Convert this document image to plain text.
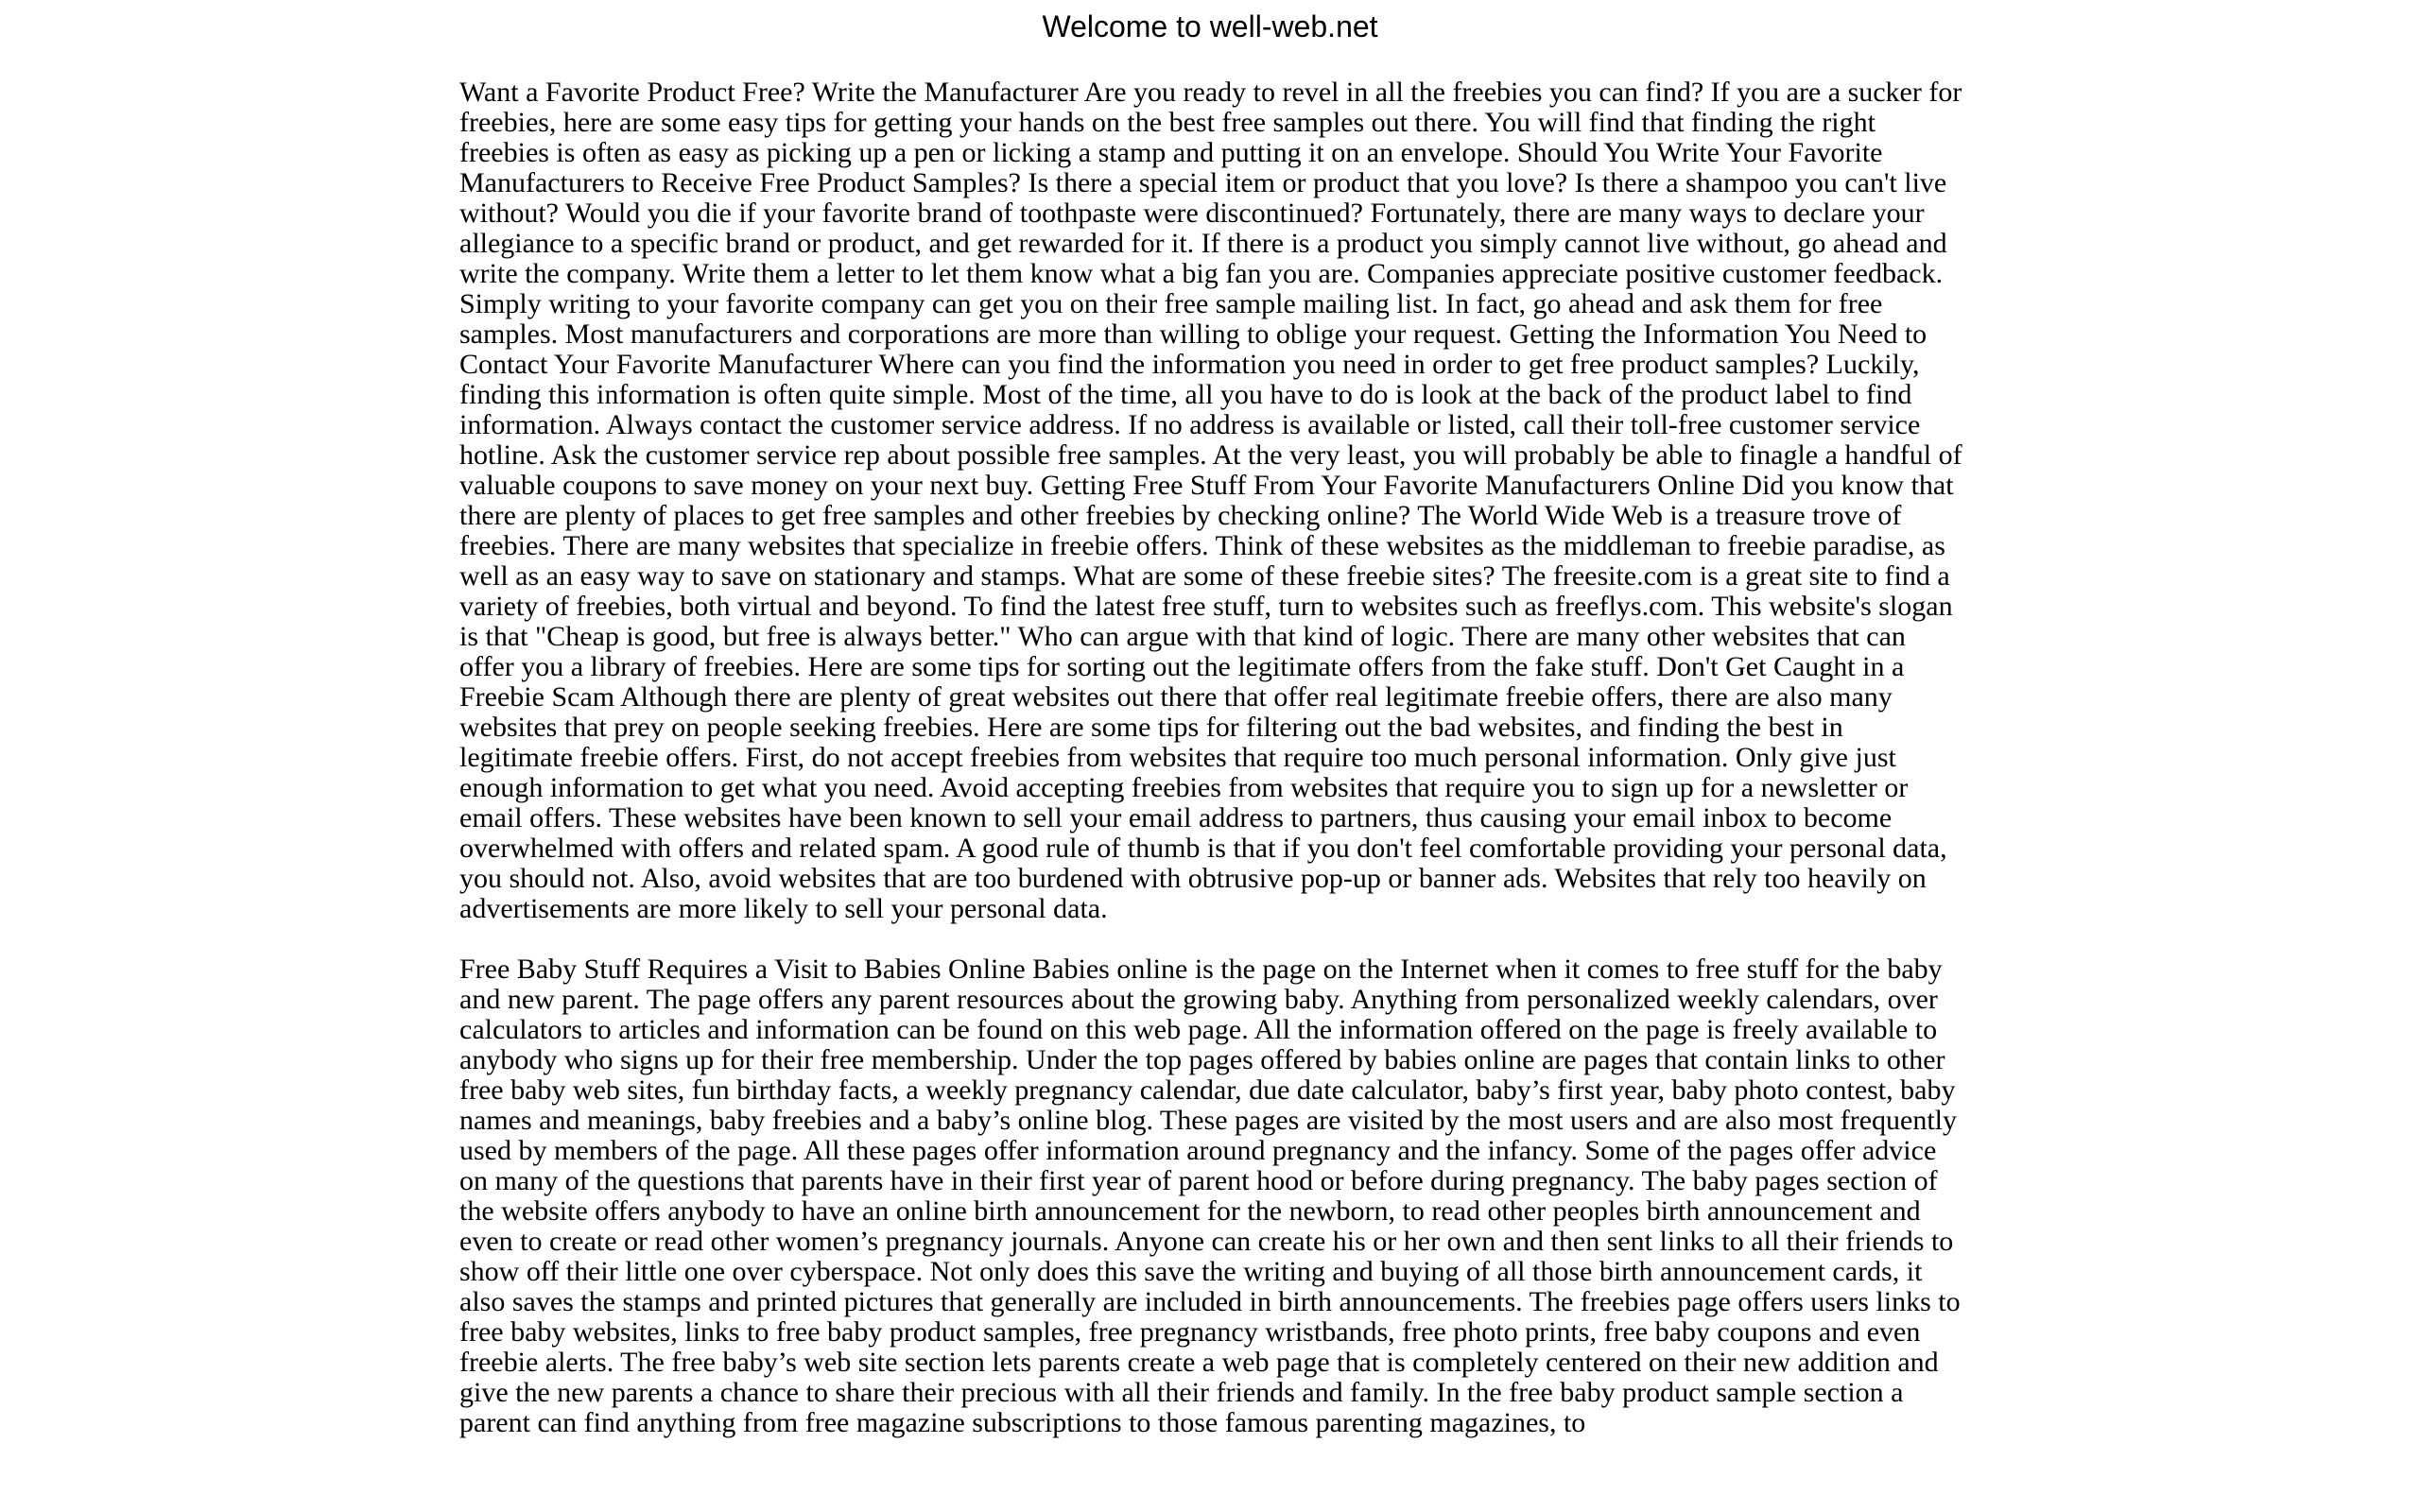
Welcome to well-web.net

Want a Favorite Product Free? Write the Manufacturer Are you ready to revel in all the freebies you can find? If you are a sucker for freebies, here are some easy tips for getting your hands on the best free samples out there. You will find that finding the right freebies is often as easy as picking up a pen or licking a stamp and putting it on an envelope. Should You Write Your Favorite Manufacturers to Receive Free Product Samples? Is there a special item or product that you love? Is there a shampoo you can't live without? Would you die if your favorite brand of toothpaste were discontinued? Fortunately, there are many ways to declare your allegiance to a specific brand or product, and get rewarded for it. If there is a product you simply cannot live without, go ahead and write the company. Write them a letter to let them know what a big fan you are. Companies appreciate positive customer feedback. Simply writing to your favorite company can get you on their free sample mailing list. In fact, go ahead and ask them for free samples. Most manufacturers and corporations are more than willing to oblige your request. Getting the Information You Need to Contact Your Favorite Manufacturer Where can you find the information you need in order to get free product samples? Luckily, finding this information is often quite simple. Most of the time, all you have to do is look at the back of the product label to find information. Always contact the customer service address. If no address is available or listed, call their toll-free customer service hotline. Ask the customer service rep about possible free samples. At the very least, you will probably be able to finagle a handful of valuable coupons to save money on your next buy. Getting Free Stuff From Your Favorite Manufacturers Online Did you know that there are plenty of places to get free samples and other freebies by checking online? The World Wide Web is a treasure trove of freebies. There are many websites that specialize in freebie offers. Think of these websites as the middleman to freebie paradise, as well as an easy way to save on stationary and stamps. What are some of these freebie sites? The freesite.com is a great site to find a variety of freebies, both virtual and beyond. To find the latest free stuff, turn to websites such as freeflys.com. This website's slogan is that "Cheap is good, but free is always better." Who can argue with that kind of logic. There are many other websites that can offer you a library of freebies. Here are some tips for sorting out the legitimate offers from the fake stuff. Don't Get Caught in a Freebie Scam Although there are plenty of great websites out there that offer real legitimate freebie offers, there are also many websites that prey on people seeking freebies. Here are some tips for filtering out the bad websites, and finding the best in legitimate freebie offers. First, do not accept freebies from websites that require too much personal information. Only give just enough information to get what you need. Avoid accepting freebies from websites that require you to sign up for a newsletter or email offers. These websites have been known to sell your email address to partners, thus causing your email inbox to become overwhelmed with offers and related spam. A good rule of thumb is that if you don't feel comfortable providing your personal data, you should not. Also, avoid websites that are too burdened with obtrusive pop-up or banner ads. Websites that rely too heavily on advertisements are more likely to sell your personal data.

Free Baby Stuff Requires a Visit to Babies Online Babies online is the page on the Internet when it comes to free stuff for the baby and new parent. The page offers any parent resources about the growing baby. Anything from personalized weekly calendars, over calculators to articles and information can be found on this web page. All the information offered on the page is freely available to anybody who signs up for their free membership. Under the top pages offered by babies online are pages that contain links to other free baby web sites, fun birthday facts, a weekly pregnancy calendar, due date calculator, baby’s first year, baby photo contest, baby names and meanings, baby freebies and a baby’s online blog. These pages are visited by the most users and are also most frequently used by members of the page. All these pages offer information around pregnancy and the infancy. Some of the pages offer advice on many of the questions that parents have in their first year of parent hood or before during pregnancy. The baby pages section of the website offers anybody to have an online birth announcement for the newborn, to read other peoples birth announcement and even to create or read other women’s pregnancy journals. Anyone can create his or her own and then sent links to all their friends to show off their little one over cyberspace. Not only does this save the writing and buying of all those birth announcement cards, it also saves the stamps and printed pictures that generally are included in birth announcements. The freebies page offers users links to free baby websites, links to free baby product samples, free pregnancy wristbands, free photo prints, free baby coupons and even freebie alerts. The free baby’s web site section lets parents create a web page that is completely centered on their new addition and give the new parents a chance to share their precious with all their friends and family. In the free baby product sample section a parent can find anything from free magazine subscriptions to those famous parenting magazines, to
